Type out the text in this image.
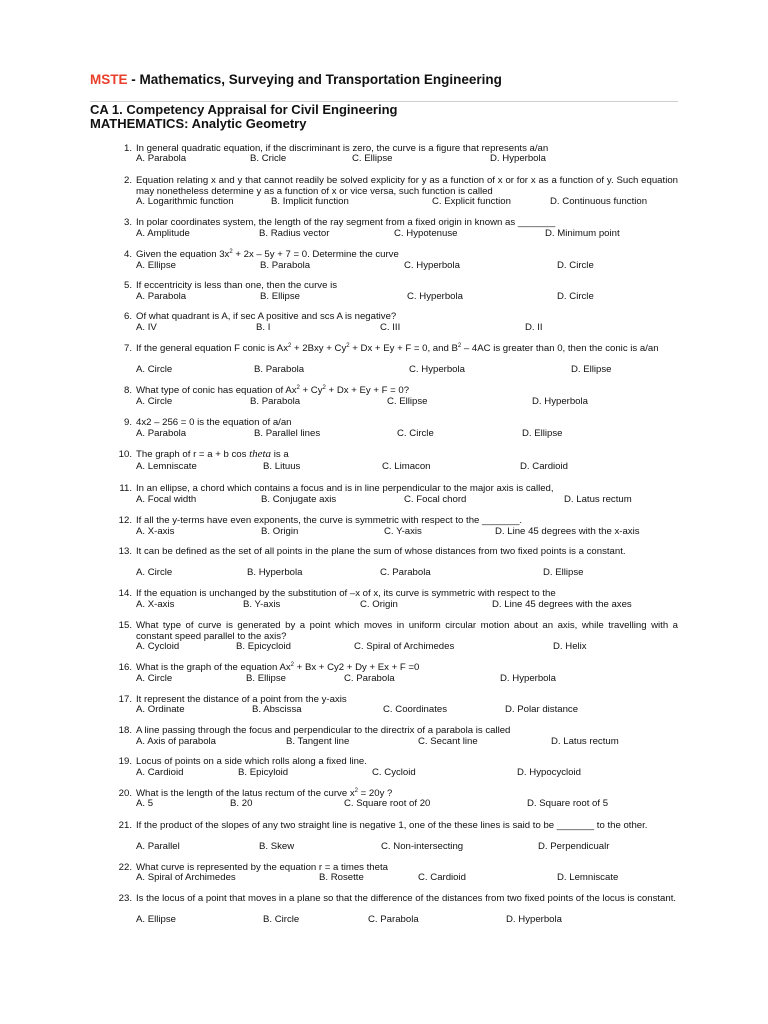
MSTE - Mathematics, Surveying and Transportation Engineering
CA 1. Competency Appraisal for Civil Engineering
MATHEMATICS: Analytic Geometry
1. In general quadratic equation, if the discriminant is zero, the curve is a figure that represents a/an
A. Parabola	B. Cricle	C. Ellipse	D. Hyperbola
2. Equation relating x and y that cannot readily be solved explicity for y as a function of x or for x as a function of y. Such equation may nonetheless determine y as a function of x or vice versa, such function is called
A. Logarithmic function	B. Implicit function	C. Explicit function	D. Continuous function
3. In polar coordinates system, the length of the ray segment from a fixed origin in known as _______
A. Amplitude	B. Radius vector	C. Hypotenuse	D. Minimum point
4. Given the equation $3x^2 + 2x - 5y + 7 = 0$. Determine the curve
A. Ellipse	B. Parabola	C. Hyperbola	D. Circle
5. If eccentricity is less than one, then the curve is
A. Parabola	B. Ellipse	C. Hyperbola	D. Circle
6. Of what quadrant is A, if sec A positive and scs A is negative?
A. IV	B. I	C. III	D. II
7. If the general equation F conic is $Ax^2 + 2Bxy + Cy^2 + Dx + Ey + F = 0$, and $B^2 - 4AC$ is greater than 0, then the conic is a/an
A. Circle	B. Parabola	C. Hyperbola	D. Ellipse
8. What type of conic has equation of $Ax^2 + Cy^2 + Dx + Ey + F = 0$?
A. Circle	B. Parabola	C. Ellipse	D. Hyperbola
9. 4x2 – 256 = 0 is the equation of a/an
A. Parabola	B. Parallel lines	C. Circle	D. Ellipse
10. The graph of r = a + b cos theta is a
A. Lemniscate	B. Lituus	C. Limacon	D. Cardioid
11. In an ellipse, a chord which contains a focus and is in line perpendicular to the major axis is called,
A. Focal width	B. Conjugate axis	C. Focal chord	D. Latus rectum
12. If all the y-terms have even exponents, the curve is symmetric with respect to the _______.
A. X-axis	B. Origin	C. Y-axis	D. Line 45 degrees with the x-axis
13. It can be defined as the set of all points in the plane the sum of whose distances from two fixed points is a constant.
A. Circle	B. Hyperbola	C. Parabola	D. Ellipse
14. If the equation is unchanged by the substitution of –x of x, its curve is symmetric with respect to the
A. X-axis	B. Y-axis	C. Origin	D. Line 45 degrees with the axes
15. What type of curve is generated by a point which moves in uniform circular motion about an axis, while travelling with a constant speed parallel to the axis?
A. Cycloid	B. Epicycloid	C. Spiral of Archimedes	D. Helix
16. What is the graph of the equation $Ax^2 + Bx + Cy2 + Dy + Ex + F =0$
A. Circle	B. Ellipse	C. Parabola	D. Hyperbola
17. It represent the distance of a point from the y-axis
A. Ordinate	B. Abscissa	C. Coordinates	D. Polar distance
18. A line passing through the focus and perpendicular to the directrix of a parabola is called
A. Axis of parabola	B. Tangent line	C. Secant line	D. Latus rectum
19. Locus of points on a side which rolls along a fixed line.
A. Cardioid	B. Epicyloid	C. Cycloid	D. Hypocycloid
20. What is the length of the latus rectum of the curve $x^2 = 20y$ ?
A. 5	B. 20	C. Square root of 20	D. Square root of 5
21. If the product of the slopes of any two straight line is negative 1, one of the these lines is said to be _______ to the other.
A. Parallel	B. Skew	C. Non-intersecting	D. Perpendicualr
22. What curve is represented by the equation r = a times theta
A. Spiral of Archimedes	B. Rosette	C. Cardioid	D. Lemniscate
23. Is the locus of a point that moves in a plane so that the difference of the distances from two fixed points of the locus is constant.
A. Ellipse	B. Circle	C. Parabola	D. Hyperbola
